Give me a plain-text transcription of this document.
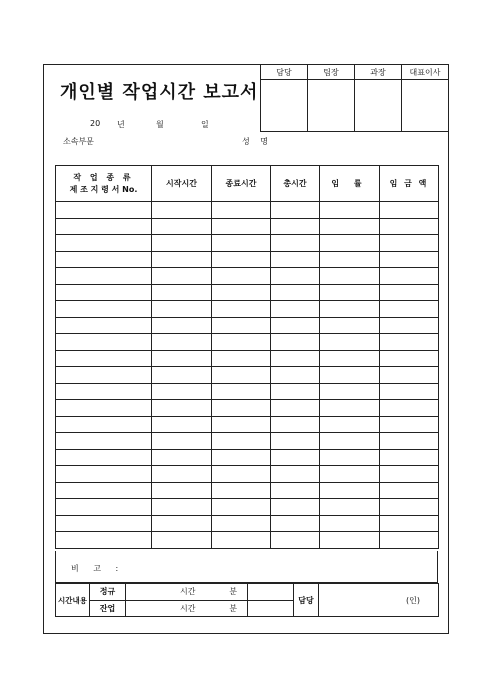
개인별 작업시간 보고서
담당	팀장	과장	대표이사

20 년	월	일
소속부문	성 명
작 업 종 류
제 조 지 령 서 No.	시작시간	종료시간	총시간	임 률	임 금 액

비 고 :
시간내용	정규	시간	분		담당	(인)
	잔업	시간	분			
